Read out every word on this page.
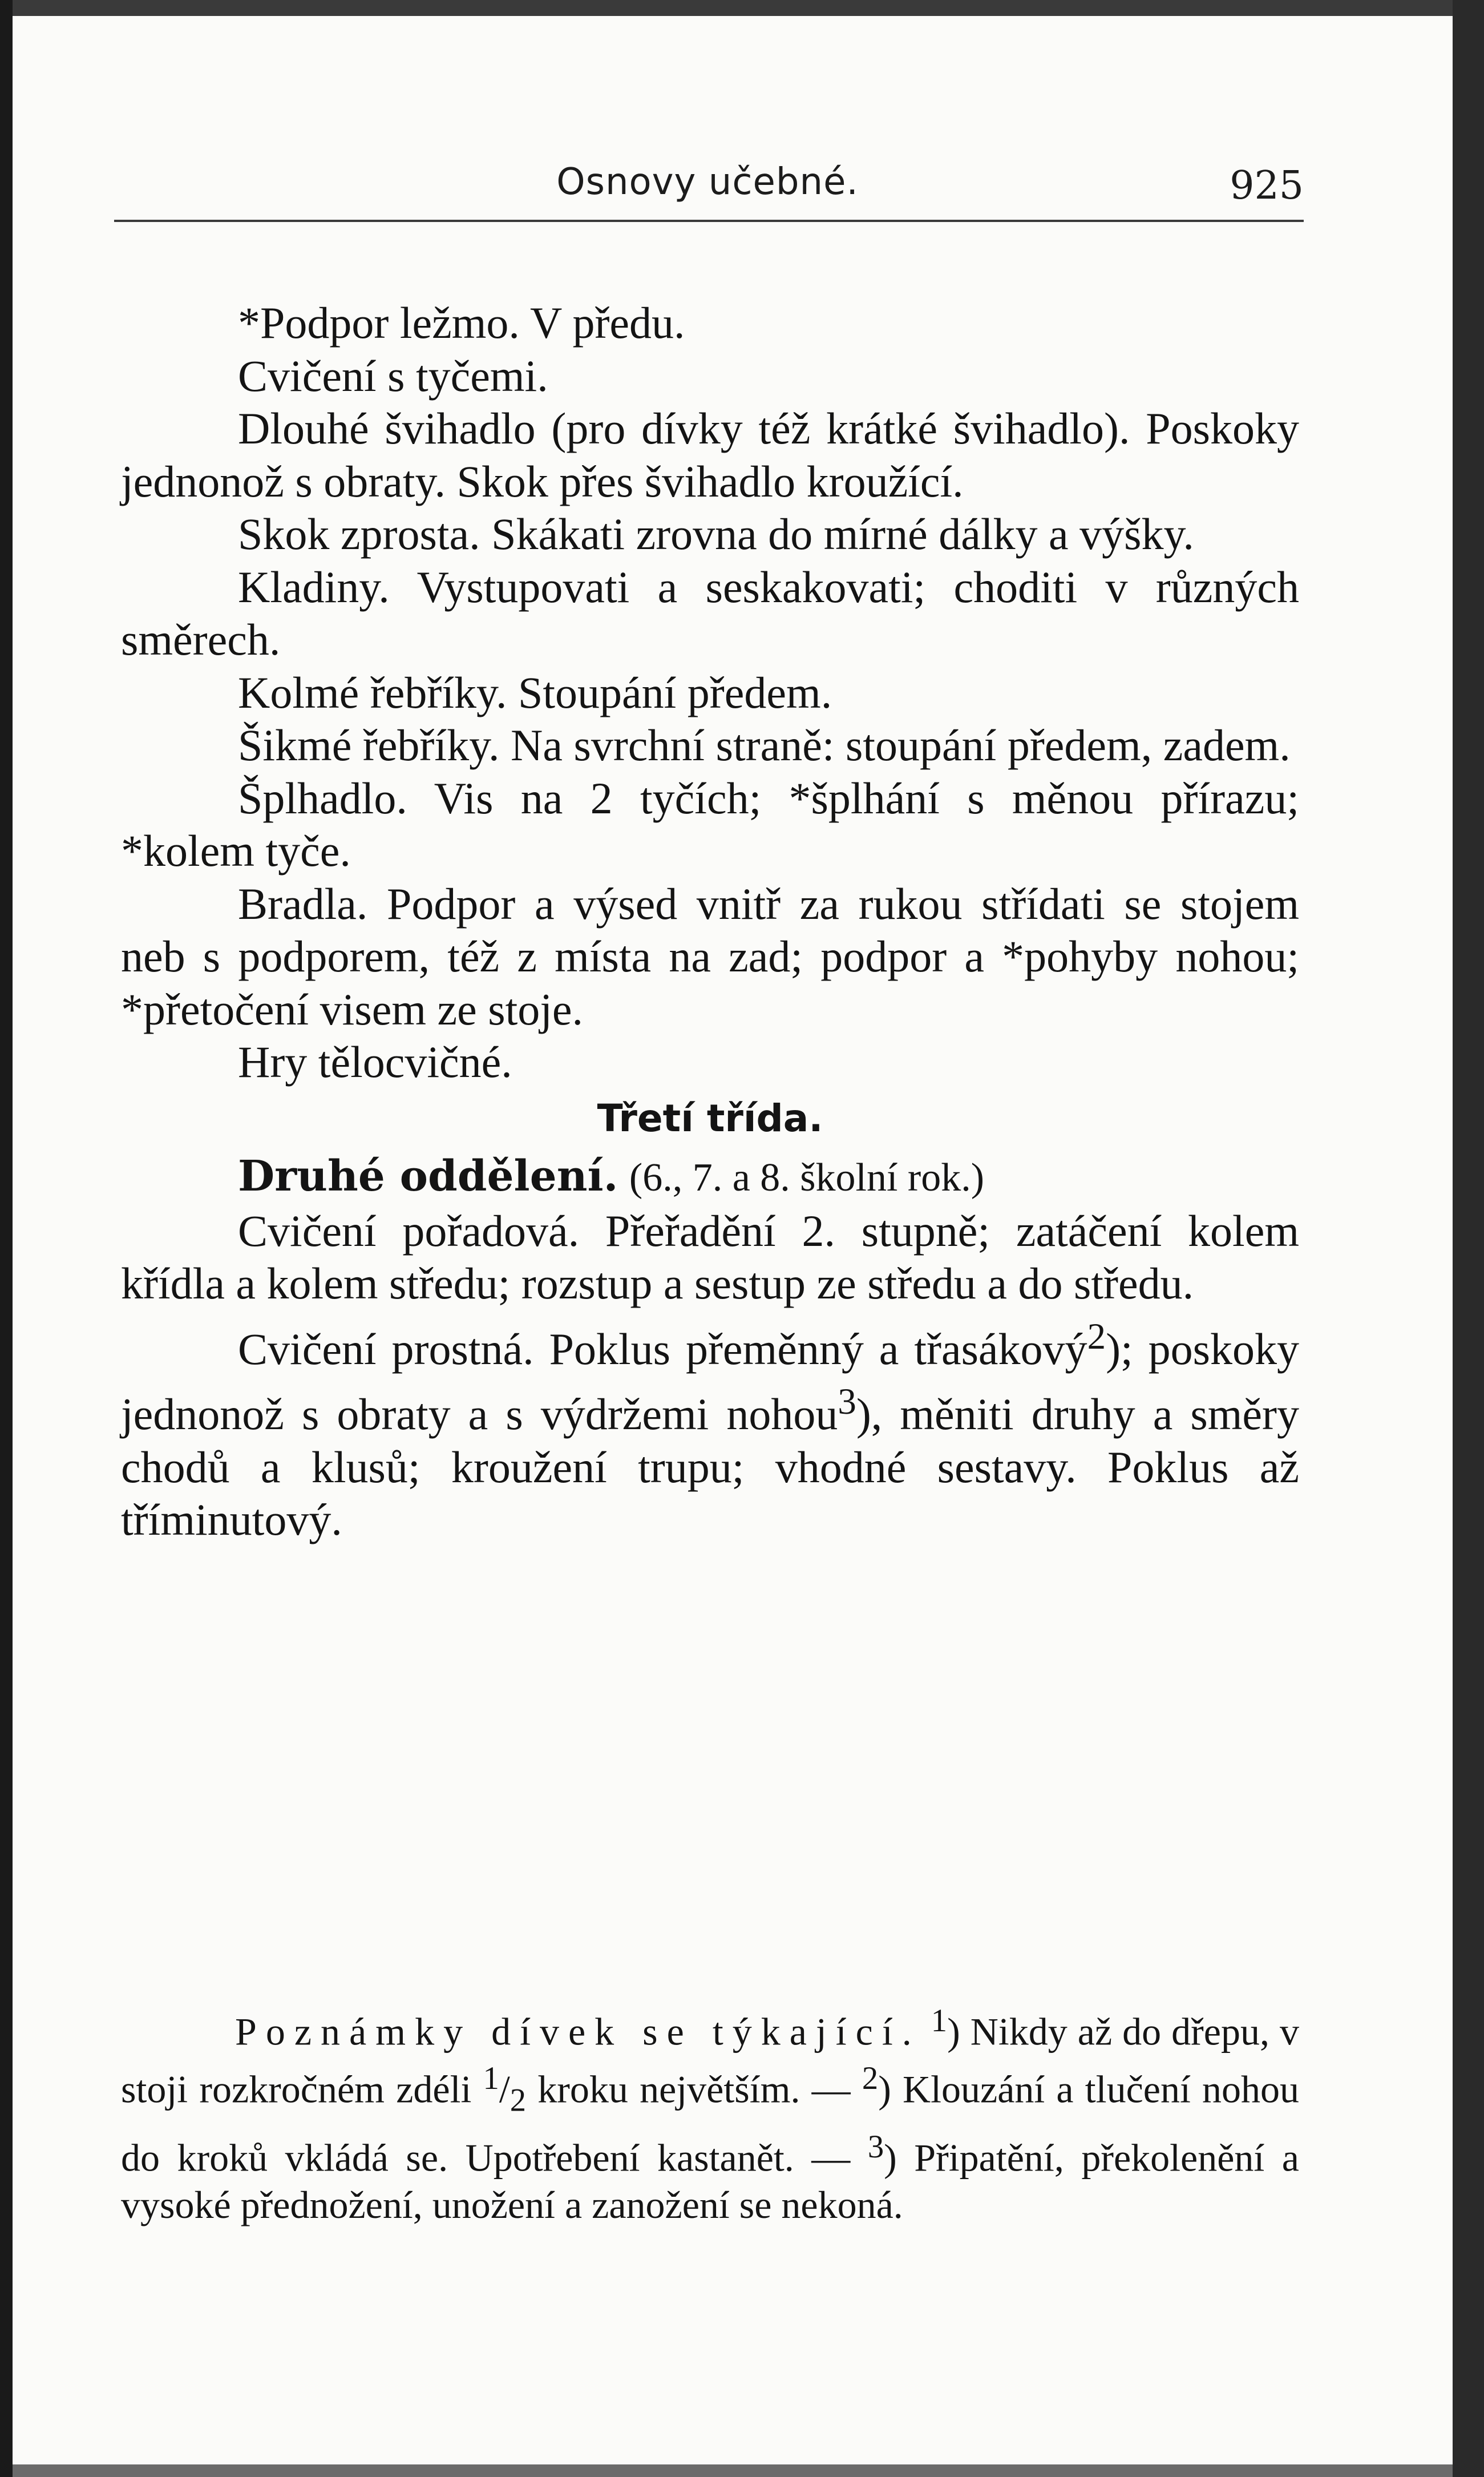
Osnovy učebné.	925

*Podpor ležmo. V předu.

Cvičení s tyčemi.

Dlouhé švihadlo (pro dívky též krátké švihadlo). Poskoky jednonož s obraty. Skok přes švihadlo kroužící.

Skok zprosta. Skákati zrovna do mírné dálky a výšky.

Kladiny. Vystupovati a seskakovati; choditi v různých směrech.

Kolmé řebříky. Stoupání předem.

Šikmé řebříky. Na svrchní straně: stoupání předem, zadem.

Šplhadlo. Vis na 2 tyčích; *šplhání s měnou přírazu; *kolem tyče.

Bradla. Podpor a výsed vnitř za rukou střídati se stojem neb s podporem, též z místa na zad; podpor a *pohyby nohou; *přetočení visem ze stoje.

Hry tělocvičné.

Třetí třída.

Druhé oddělení. (6., 7. a 8. školní rok.)

Cvičení pořadová. Přeřadění 2. stupně; zatáčení kolem křídla a kolem středu; rozstup a sestup ze středu a do středu.

Cvičení prostná. Poklus přeměnný a třasákový$^2$); poskoky jednonož s obraty a s výdržemi nohou$^3$), měniti druhy a směry chodů a klusů; kroužení trupu; vhodné sestavy. Poklus až tříminutový.

Poznámky dívek se týkající. $^1$) Nikdy až do dřepu, v stoji rozkročném zdéli $^1/_2$ kroku největším. — $^2$) Klouzání a tlučení nohou do kroků vkládá se. Upotřebení kastanět. — $^3$) Připatění, překolenění a vysoké přednožení, unožení a zanožení se nekoná.
